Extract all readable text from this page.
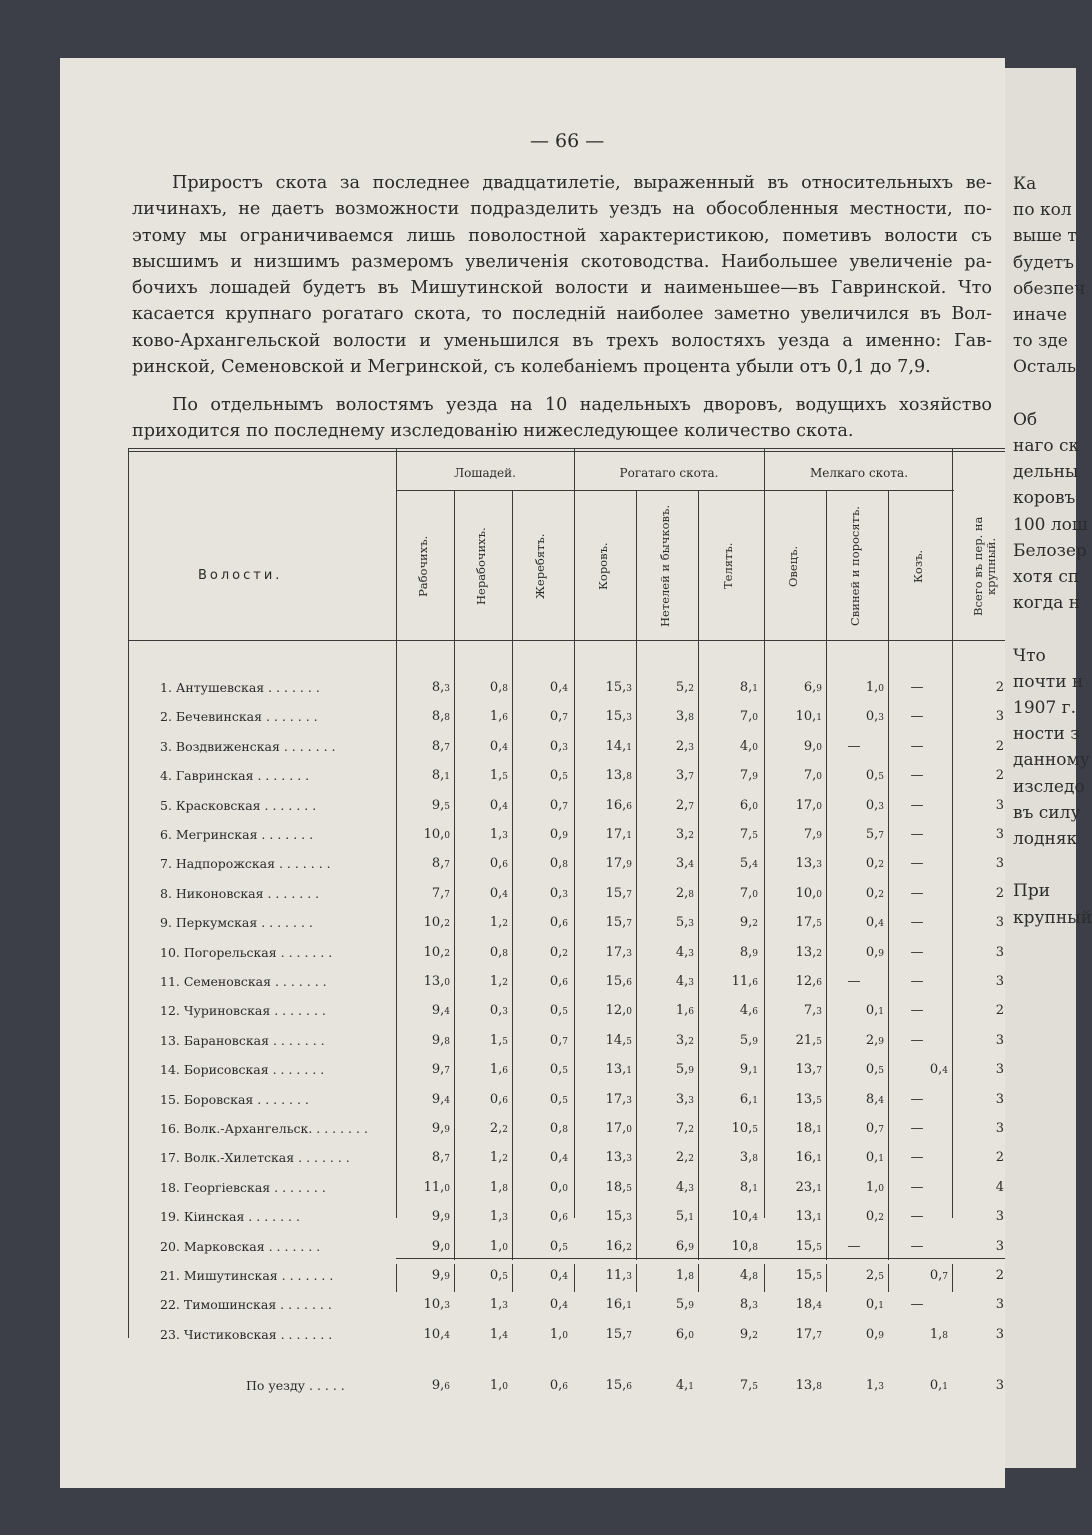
— 66 —
Приростъ скота за последнее двадцатилетіе, выраженный въ относительныхъ ве-
личинахъ, не даетъ возможности подразделить уездъ на обособленныя местности, по-
этому мы ограничиваемся лишь поволостной характеристикою, пометивъ волости съ
высшимъ и низшимъ размеромъ увеличенія скотоводства. Наибольшее увеличеніе ра-
бочихъ лошадей будетъ въ Мишутинской волости и наименьшее—въ Гавринской. Что
касается крупнаго рогатаго скота, то последній наиболее заметно увеличился въ Вол-
ково-Архангельской волости и уменьшился въ трехъ волостяхъ уезда а именно: Гав-
ринской, Семеновской и Мегринской, съ колебаніемъ процента убыли отъ 0,1 до 7,9.
По отдельнымъ волостямъ уезда на 10 надельныхъ дворовъ, водущихъ хозяйство
приходится по последнему изследованію нижеследующее количество скота.
Волости.
Лошадей.	Рогатаго скота.	Мелкаго скота.
Рабочихъ.	Нерабочихъ.	Жеребятъ.	Коровъ.	Нетелей и бычковъ.	Телятъ.	Овецъ.	Свиней и поросятъ.	Козъ.	Всего въ пер. на крупный.
1. Антушевская . . . . . . .	8,3	0,8	0,4	15,3	5,2	8,1	6,9	1,0	—	2
2. Бечевинская . . . . . . .	8,8	1,6	0,7	15,3	3,8	7,0	10,1	0,3	—	3
3. Воздвиженская . . . . . . .	8,7	0,4	0,3	14,1	2,3	4,0	9,0	—	—	2
4. Гавринская . . . . . . .	8,1	1,5	0,5	13,8	3,7	7,9	7,0	0,5	—	2
5. Красковская . . . . . . .	9,5	0,4	0,7	16,6	2,7	6,0	17,0	0,3	—	3
6. Мегринская . . . . . . .	10,0	1,3	0,9	17,1	3,2	7,5	7,9	5,7	—	3
7. Надпорожская . . . . . . .	8,7	0,6	0,8	17,9	3,4	5,4	13,3	0,2	—	3
8. Никоновская . . . . . . .	7,7	0,4	0,3	15,7	2,8	7,0	10,0	0,2	—	2
9. Перкумская . . . . . . .	10,2	1,2	0,6	15,7	5,3	9,2	17,5	0,4	—	3
10. Погорельская . . . . . . .	10,2	0,8	0,2	17,3	4,3	8,9	13,2	0,9	—	3
11. Семеновская . . . . . . .	13,0	1,2	0,6	15,6	4,3	11,6	12,6	—	—	3
12. Чуриновская . . . . . . .	9,4	0,3	0,5	12,0	1,6	4,6	7,3	0,1	—	2
13. Барановская . . . . . . .	9,8	1,5	0,7	14,5	3,2	5,9	21,5	2,9	—	3
14. Борисовская . . . . . . .	9,7	1,6	0,5	13,1	5,9	9,1	13,7	0,5	0,4	3
15. Боровская . . . . . . .	9,4	0,6	0,5	17,3	3,3	6,1	13,5	8,4	—	3
16. Волк.-Архангельск. . . . . . . .	9,9	2,2	0,8	17,0	7,2	10,5	18,1	0,7	—	3
17. Волк.-Хилетская . . . . . . .	8,7	1,2	0,4	13,3	2,2	3,8	16,1	0,1	—	2
18. Георгіевская . . . . . . .	11,0	1,8	0,0	18,5	4,3	8,1	23,1	1,0	—	4
19. Кіинская . . . . . . .	9,9	1,3	0,6	15,3	5,1	10,4	13,1	0,2	—	3
20. Марковская . . . . . . .	9,0	1,0	0,5	16,2	6,9	10,8	15,5	—	—	3
21. Мишутинская . . . . . . .	9,9	0,5	0,4	11,3	1,8	4,8	15,5	2,5	0,7	2
22. Тимошинская . . . . . . .	10,3	1,3	0,4	16,1	5,9	8,3	18,4	0,1	—	3
23. Чистиковская . . . . . . .	10,4	1,4	1,0	15,7	6,0	9,2	17,7	0,9	1,8	3
По уезду . . . . .	9,6	1,0	0,6	15,6	4,1	7,5	13,8	1,3	0,1	3
Ка
по кол
выше т
будетъ
обезпеч
иначе
то зде
Осталь
Об
наго ск
дельны
коровъ
100 лош
Белозер
хотя сп
когда н
Что
почти н
1907 г.
ности з
данному
изследо
въ силу
лодняк
При
крупный
